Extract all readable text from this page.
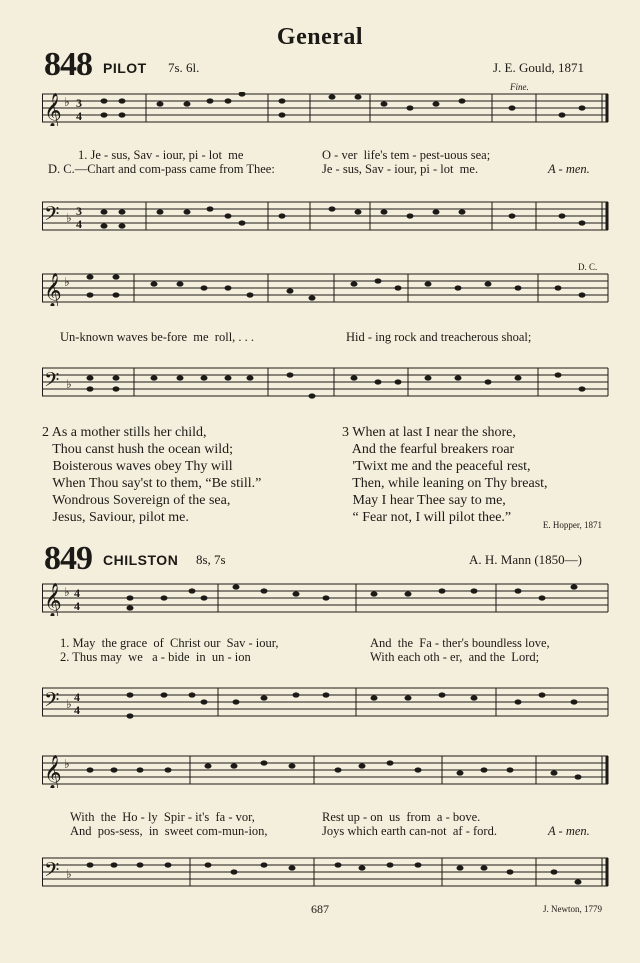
General
848 PILOT 7s. 6l.	J. E. Gould, 1871
Fine.
𝄞 ♭ 3
4
1. Je - sus, Sav - iour, pi - lot  me	O - ver  life's tem - pest-uous sea;
D. C.—Chart and com-pass came from Thee:	Je - sus, Sav - iour, pi - lot  me.	A - men.
𝄢 ♭ 3
4
D. C.
𝄞 ♭
Un-known waves be-fore  me  roll, . . .	Hid - ing rock and treacherous shoal;
𝄢 ♭
2 As a mother stills her child,
Thou canst hush the ocean wild;
Boisterous waves obey Thy will
When Thou say'st to them, “Be still.”
Wondrous Sovereign of the sea,
Jesus, Saviour, pilot me.
3 When at last I near the shore,
And the fearful breakers roar
'Twixt me and the peaceful rest,
Then, while leaning on Thy breast,
May I hear Thee say to me,
“ Fear not, I will pilot thee.”	E. Hopper, 1871
849 CHILSTON 8s, 7s	A. H. Mann (1850—)
𝄞 ♭ 4
4
1. May  the grace  of  Christ our  Sav - iour,	And  the  Fa - ther's boundless love,
2. Thus may  we   a - bide  in  un - ion	With each oth - er,  and the  Lord;
𝄢 ♭ 4
4
𝄞 ♭
With  the  Ho - ly  Spir - it's  fa - vor,	Rest up - on  us  from  a - bove.
And  pos-sess,  in  sweet com-mun-ion,	Joys which earth can-not  af - ford.	A - men.
𝄢 ♭
687	J. Newton, 1779
